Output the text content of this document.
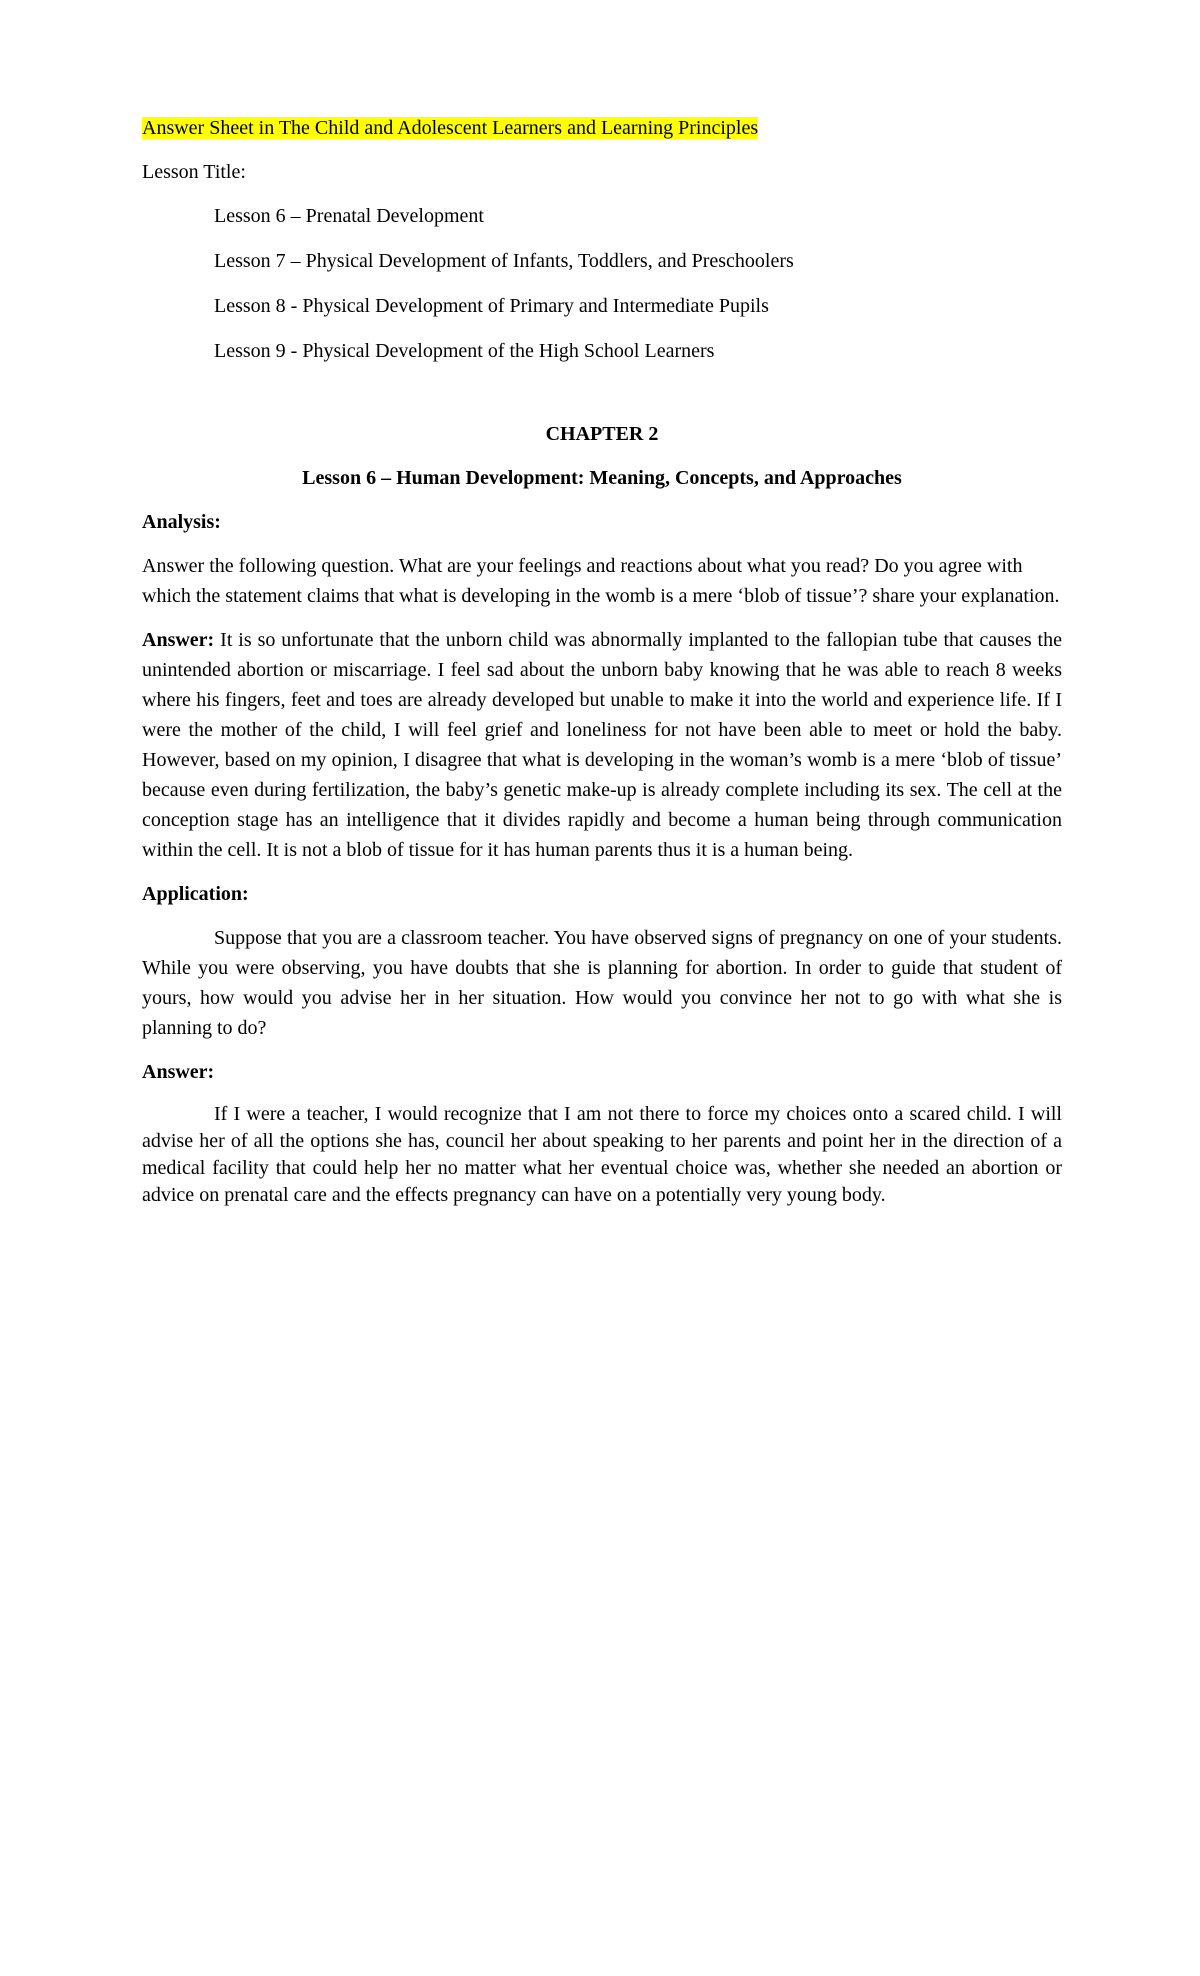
Answer Sheet in The Child and Adolescent Learners and Learning Principles

Lesson Title:

Lesson 6 – Prenatal Development
Lesson 7 – Physical Development of Infants, Toddlers, and Preschoolers
Lesson 8 - Physical Development of Primary and Intermediate Pupils
Lesson 9 - Physical Development of the High School Learners

CHAPTER 2

Lesson 6 – Human Development: Meaning, Concepts, and Approaches

Analysis:

Answer the following question. What are your feelings and reactions about what you read? Do you agree with which the statement claims that what is developing in the womb is a mere ‘blob of tissue’? share your explanation.

Answer: It is so unfortunate that the unborn child was abnormally implanted to the fallopian tube that causes the unintended abortion or miscarriage. I feel sad about the unborn baby knowing that he was able to reach 8 weeks where his fingers, feet and toes are already developed but unable to make it into the world and experience life. If I were the mother of the child, I will feel grief and loneliness for not have been able to meet or hold the baby. However, based on my opinion, I disagree that what is developing in the woman’s womb is a mere ‘blob of tissue’ because even during fertilization, the baby’s genetic make-up is already complete including its sex. The cell at the conception stage has an intelligence that it divides rapidly and become a human being through communication within the cell. It is not a blob of tissue for it has human parents thus it is a human being.

Application:

Suppose that you are a classroom teacher. You have observed signs of pregnancy on one of your students. While you were observing, you have doubts that she is planning for abortion. In order to guide that student of yours, how would you advise her in her situation. How would you convince her not to go with what she is planning to do?

Answer:

If I were a teacher, I would recognize that I am not there to force my choices onto a scared child. I will advise her of all the options she has, council her about speaking to her parents and point her in the direction of a medical facility that could help her no matter what her eventual choice was, whether she needed an abortion or advice on prenatal care and the effects pregnancy can have on a potentially very young body.
